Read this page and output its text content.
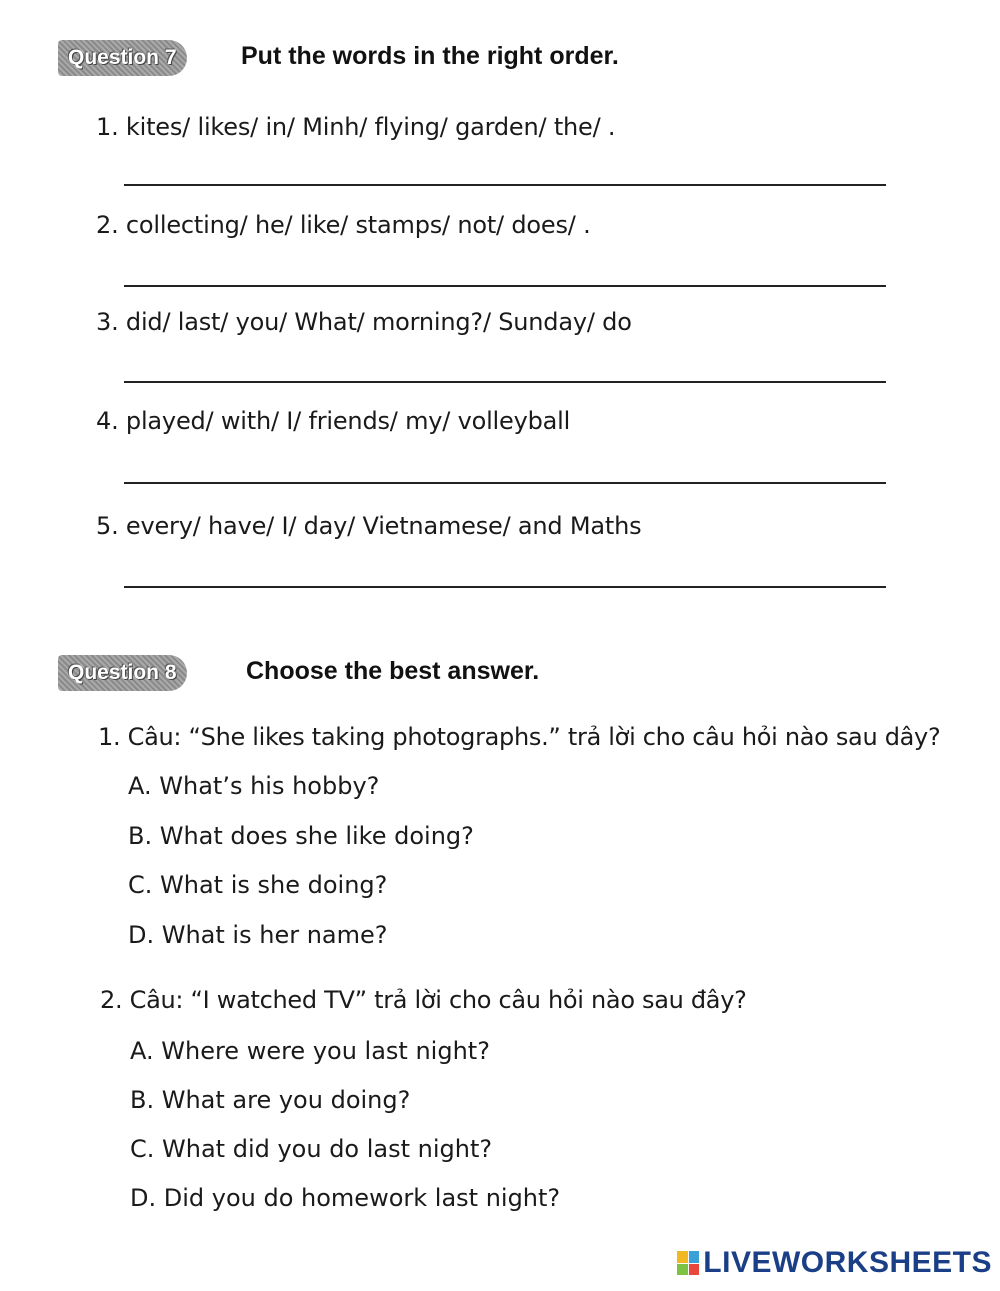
Question 7	Put the words in the right order.
1. kites/ likes/ in/ Minh/ flying/ garden/ the/ .
2. collecting/ he/ like/ stamps/ not/ does/ .
3. did/ last/ you/ What/ morning?/ Sunday/ do
4. played/ with/ I/ friends/ my/ volleyball
5. every/ have/ I/ day/ Vietnamese/ and Maths
Question 8	Choose the best answer.
1. Câu: “She likes taking photographs.” trả lời cho câu hỏi nào sau dây?
A. What’s his hobby?
B. What does she like doing?
C. What is she doing?
D. What is her name?
2. Câu: “I watched TV” trả lời cho câu hỏi nào sau đây?
A. Where were you last night?
B. What are you doing?
C. What did you do last night?
D. Did you do homework last night?
LIVEWORKSHEETS
